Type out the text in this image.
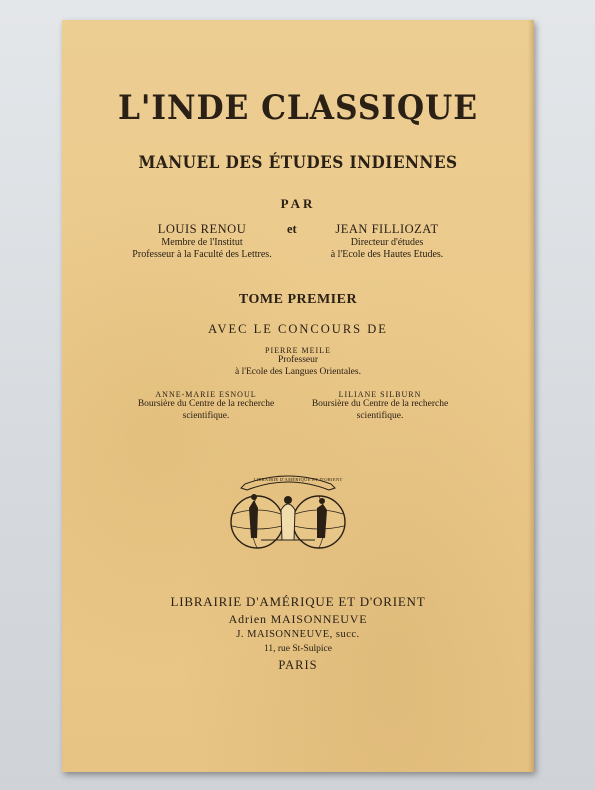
L'INDE CLASSIQUE
MANUEL DES ÉTUDES INDIENNES
PAR
LOUIS RENOU
Membre de l'Institut
Professeur à la Faculté des Lettres.
et	JEAN FILLIOZAT
Directeur d'études
à l'Ecole des Hautes Etudes.
TOME PREMIER
AVEC LE CONCOURS DE
PIERRE MEILE
Professeur
à l'Ecole des Langues Orientales.
ANNE-MARIE ESNOUL
Boursière du Centre de la recherche
scientifique.
LILIANE SILBURN
Boursière du Centre de la recherche
scientifique.
LIBRAIRIE D'AMÉRIQUE ET D'ORIENT
LIBRAIRIE D'AMÉRIQUE ET D'ORIENT
Adrien MAISONNEUVE
J. MAISONNEUVE, succ.
11, rue St-Sulpice
PARIS
